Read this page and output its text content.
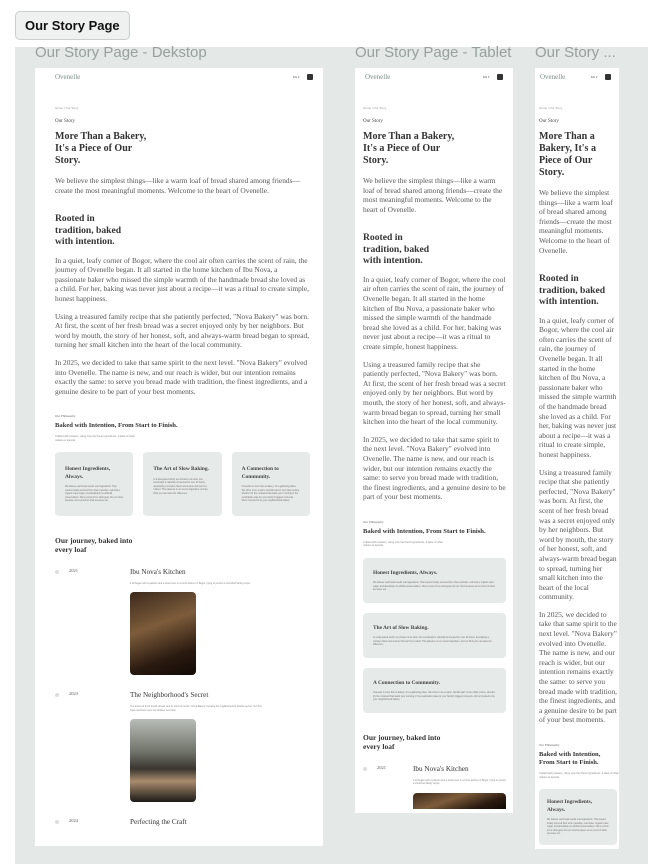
Our Story Page
Our Story Page - Dekstop
Ovenelle	EN ▾
Home / Our Story
Our Story
More Than a Bakery, It's a Piece of Our Story.

We believe the simplest things—like a warm loaf of bread shared among friends—create the most meaningful moments. Welcome to the heart of Ovenelle.

Rooted in tradition, baked with intention.

In a quiet, leafy corner of Bogor, where the cool air often carries the scent of rain, the journey of Ovenelle began. It all started in the home kitchen of Ibu Nova, a passionate baker who missed the simple warmth of the handmade bread she loved as a child. For her, baking was never just about a recipe—it was a ritual to create simple, honest happiness.

Using a treasured family recipe that she patiently perfected, "Nova Bakery" was born. At first, the scent of her fresh bread was a secret enjoyed only by her neighbors. But word by mouth, the story of her honest, soft, and always-warm bread began to spread, turning her small kitchen into the heart of the local community.

In 2025, we decided to take that same spirit to the next level. "Nova Bakery" evolved into Ovenelle. The name is new, and our reach is wider, but our intention remains exactly the same: to serve you bread made with tradition, the finest ingredients, and a genuine desire to be part of your best moments.

Our Philosophy
Baked with Intention, From Start to Finish.
Crafted with passion, using only the finest ingredients. A taste of what makes us special.
Honest Ingredients, Always.
We believe real bread needs real ingredients. That means locally sourced flour when possible, real butter, organic cane sugar, and absolutely no artificial preservatives. We're proud to be what goes into our food because we're proud of what we leave out.
The Art of Slow Baking.
In a fast-paced world, we choose to be slow. Our sourdough is naturally fermented for over 24 hours, developing a complex flavor and texture that can't be rushed. This patience is our secret ingredient, and we think you can taste the difference.
A Connection to Community.
Ovenelle is more than a bakery; it's a gathering place. We strive to be a warm, familiar part of your daily routine, whether it's the croissant that starts your morning or the celebration cake for your family's biggest moments. We're honored to be your neighborhood bakery.
Our journey, baked into every loaf
2021	Ibu Nova's Kitchen
It all began with a passion and a small oven in a home kitchen in Bogor, trying to perfect a cherished family recipe.
2023	The Neighborhood's Secret
The aroma of fresh bread spread, and by word of mouth, "Nova Bakery" became the neighborhood's favorite secret. Our first loyal customers were the families next door.
2024	Perfecting the Craft
Our Story Page - Tablet
Ovenelle	EN ▾
Home / Our Story
Our Story
More Than a Bakery, It's a Piece of Our Story.

We believe the simplest things—like a warm loaf of bread shared among friends—create the most meaningful moments. Welcome to the heart of Ovenelle.

Rooted in tradition, baked with intention.

In a quiet, leafy corner of Bogor, where the cool air often carries the scent of rain, the journey of Ovenelle began. It all started in the home kitchen of Ibu Nova, a passionate baker who missed the simple warmth of the handmade bread she loved as a child. For her, baking was never just about a recipe—it was a ritual to create simple, honest happiness.

Using a treasured family recipe that she patiently perfected, "Nova Bakery" was born. At first, the scent of her fresh bread was a secret enjoyed only by her neighbors. But word by mouth, the story of her honest, soft, and always-warm bread began to spread, turning her small kitchen into the heart of the local community.

In 2025, we decided to take that same spirit to the next level. "Nova Bakery" evolved into Ovenelle. The name is new, and our reach is wider, but our intention remains exactly the same: to serve you bread made with tradition, the finest ingredients, and a genuine desire to be part of your best moments.

Our Philosophy
Baked with Intention, From Start to Finish.
Crafted with passion, using only the finest ingredients. A taste of what makes us special.
Honest Ingredients, Always.
We believe real bread needs real ingredients. That means locally sourced flour when possible, real butter, organic cane sugar, and absolutely no artificial preservatives. We're proud to be what goes into our food because we're proud of what we leave out.
The Art of Slow Baking.
In a fast-paced world, we choose to be slow. Our sourdough is naturally fermented for over 24 hours, developing a complex flavor and texture that can't be rushed. This patience is our secret ingredient, and we think you can taste the difference.
A Connection to Community.
Ovenelle is more than a bakery; it's a gathering place. We strive to be a warm, familiar part of your daily routine, whether it's the croissant that starts your morning or the celebration cake for your family's biggest moments. We're honored to be your neighborhood bakery.
Our journey, baked into every loaf
2021	Ibu Nova's Kitchen
It all began with a passion and a small oven in a home kitchen in Bogor, trying to perfect a cherished family recipe.
Our Story ...
Ovenelle	EN ▾
Home / Our Story
Our Story
More Than a Bakery, It's a Piece of Our Story.

We believe the simplest things—like a warm loaf of bread shared among friends—create the most meaningful moments. Welcome to the heart of Ovenelle.

Rooted in tradition, baked with intention.

In a quiet, leafy corner of Bogor, where the cool air often carries the scent of rain, the journey of Ovenelle began. It all started in the home kitchen of Ibu Nova, a passionate baker who missed the simple warmth of the handmade bread she loved as a child. For her, baking was never just about a recipe—it was a ritual to create simple, honest happiness.

Using a treasured family recipe that she patiently perfected, "Nova Bakery" was born. At first, the scent of her fresh bread was a secret enjoyed only by her neighbors. But word by mouth, the story of her honest, soft, and always-warm bread began to spread, turning her small kitchen into the heart of the local community.

In 2025, we decided to take that same spirit to the next level. "Nova Bakery" evolved into Ovenelle. The name is new, and our reach is wider, but our intention remains exactly the same: to serve you bread made with tradition, the finest ingredients, and a genuine desire to be part of your best moments.

Our Philosophy
Baked with Intention, From Start to Finish.
Crafted with passion, using only the finest ingredients. A taste of what makes us special.
Honest Ingredients, Always.
We believe real bread needs real ingredients. That means locally sourced flour when possible, real butter, organic cane sugar, and absolutely no artificial preservatives. We're proud to be what goes into our food because we're proud of what we leave out.
